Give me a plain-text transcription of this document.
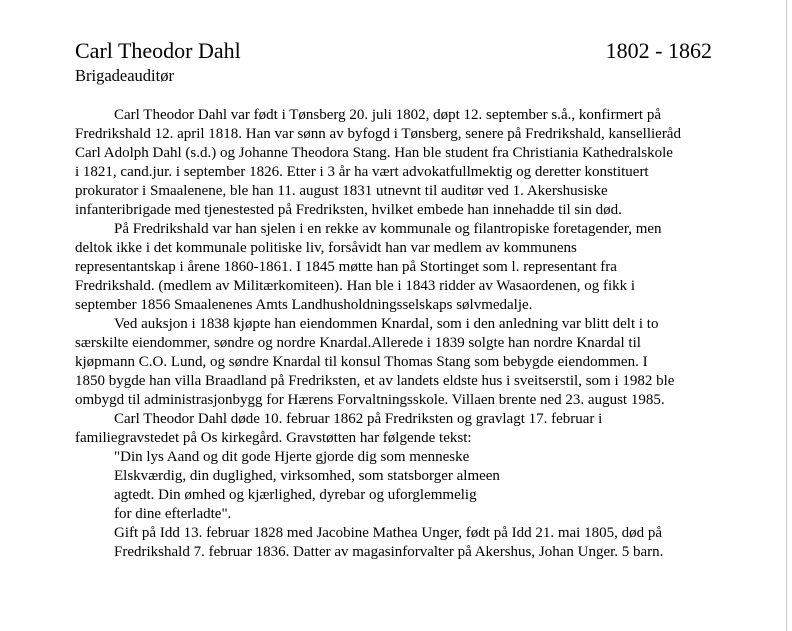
Carl Theodor Dahl	1802 - 1862
Brigadeauditør
Carl Theodor Dahl var født i Tønsberg 20. juli 1802, døpt 12. september s.å., konfirmert på
Fredrikshald 12. april 1818. Han var sønn av byfogd i Tønsberg, senere på Fredrikshald, kansellieråd
Carl Adolph Dahl (s.d.) og Johanne Theodora Stang. Han ble student fra Christiania Kathedralskole
i 1821, cand.jur. i september 1826. Etter i 3 år ha vært advokatfullmektig og deretter konstituert
prokurator i Smaalenene, ble han 11. august 1831 utnevnt til auditør ved 1. Akershusiske
infanteribrigade med tjenestested på Fredriksten, hvilket embede han innehadde til sin død.
På Fredrikshald var han sjelen i en rekke av kommunale og filantropiske foretagender, men
deltok ikke i det kommunale politiske liv, forsåvidt han var medlem av kommunens
representantskap i årene 1860-1861. I 1845 møtte han på Stortinget som l. representant fra
Fredrikshald. (medlem av Militærkomiteen). Han ble i 1843 ridder av Wasaordenen, og fikk i
september 1856 Smaalenenes Amts Landhusholdningsselskaps sølvmedalje.
Ved auksjon i 1838 kjøpte han eiendommen Knardal, som i den anledning var blitt delt i to
særskilte eiendommer, søndre og nordre Knardal.Allerede i 1839 solgte han nordre Knardal til
kjøpmann C.O. Lund, og søndre Knardal til konsul Thomas Stang som bebygde eiendommen. I
1850 bygde han villa Braadland på Fredriksten, et av landets eldste hus i sveitserstil, som i 1982 ble
ombygd til administrasjonbygg for Hærens Forvaltningsskole. Villaen brente ned 23. august 1985.
Carl Theodor Dahl døde 10. februar 1862 på Fredriksten og gravlagt 17. februar i
familiegravstedet på Os kirkegård. Gravstøtten har følgende tekst:
"Din lys Aand og dit gode Hjerte gjorde dig som menneske
Elskværdig, din duglighed, virksomhed, som statsborger almeen
agtedt. Din ømhed og kjærlighed, dyrebar og uforglemmelig
for dine efterladte".
Gift på Idd 13. februar 1828 med Jacobine Mathea Unger, født på Idd 21. mai 1805, død på
Fredrikshald 7. februar 1836. Datter av magasinforvalter på Akershus, Johan Unger. 5 barn.
